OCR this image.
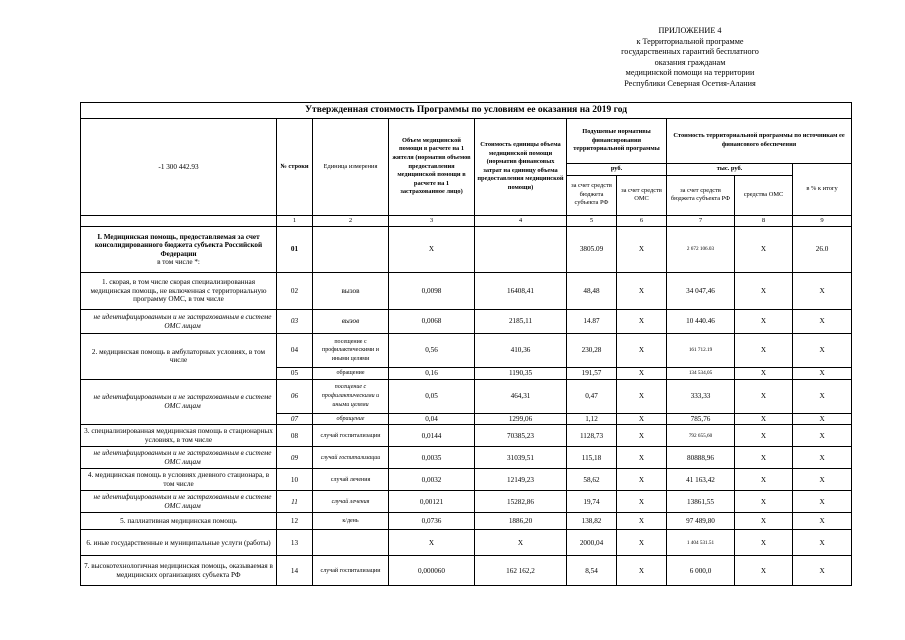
ПРИЛОЖЕНИЕ 4
к Территориальной программе
государственных гарантий бесплатного
оказания гражданам
медицинской помощи на территории
Республики Северная Осетия-Алания
Утвержденная стоимость Программы по условиям ее оказания на 2019 год									
-1 300 442.93	№ строки	Единица измерения	Объем медицинской помощи в расчете на 1 жителя (норматив объемов предоставления медицинской помощи в расчете на 1 застрахованное лицо)	Стоимость единицы объема медицинской помощи (норматив финансовых затрат на единицу объема предоставления медицинской помощи)	Подушевые нормативы финансирования территориальной программы		Стоимость территориальной программы по источникам ее финансового обеспечения		
					руб.		тыс. руб.		в % к итогу
					за счет средств бюджета субъекта РФ	за счет средств ОМС	за счет средств бюджета субъекта РФ	средства ОМС	
	1	2	3	4	5	6	7	8	9
I. Медицинская помощь, предоставляемая за счет консолидированного бюджета субъекта Российской Федерации
в том числе *:	01		X		3805.09	X	2 672 106.03	X	26.0
1. скорая, в том числе скорая специализированная медицинская помощь, не включенная с территориальную программу ОМС, в том числе	02	вызов	0,0098	16408,41	48,48	X	34 047,46	X	X
не идентифицированным и не застрахованным в системе ОМС лицам	03	вызов	0,0068	2185,11	14.87	X	10 440.46	X	X
2. медицинская помощь в амбулаторных условиях, в том числе	04	посещение с профилактическими и иными целями	0,56	410,36	230,28	X	161 712.19	X	X
	05	обращение	0,16	1190,35	191,57	X	134 534,05	X	X
не идентифицированным и не застрахованным в системе ОМС лицам	06	посещение с профилактическими и иными целями	0,05	464,31	0,47	X	333,33	X	X
	07	обращение	0,04	1299,06	1,12	X	785,76	X	X
3. специализированная медицинская помощь в стационарных условиях, в том числе	08	случай госпитализации	0,0144	70385,23	1128,73	X	792 655,60	X	X
не идентифицированным и не застрахованным в системе ОМС лицам	09	случай госпитализации	0,0035	31039,51	115,18	X	80888,96	X	X
4. медицинская помощь в условиях дневного стационара, в том числе	10	случай лечения	0,0032	12149,23	58,62	X	41 163,42	X	X
не идентифицированным и не застрахованным в системе ОМС лицам	11	случай лечения	0,00121	15282,86	19,74	X	13861,55	X	X
5. паллиативная медицинская помощь	12	к/день	0,0736	1886,20	138,82	X	97 489,80	X	X
6. иные государственные и муниципальные услуги (работы)	13		X	X	2000,04	X	1 404 531.51	X	X
7. высокотехнологичная медицинская помощь, оказываемая в медицинских организациях субъекта РФ	14	случай госпитализации	0,000060	162 162,2	8,54	X	6 000,0	X	X
